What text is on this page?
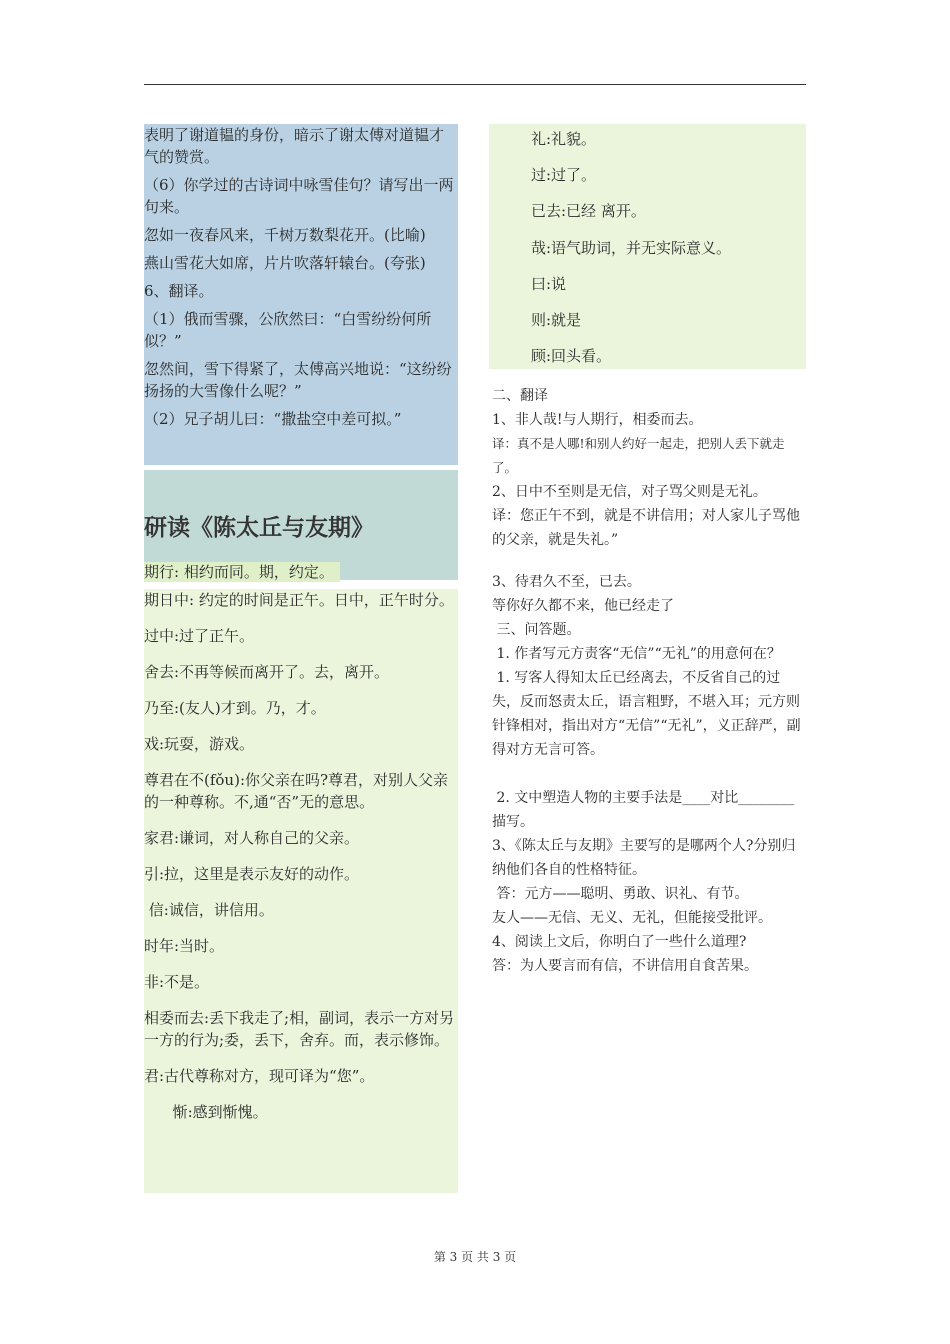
表明了谢道韫的身份，暗示了谢太傅对道韫才气的赞赏。

（6）你学过的古诗词中咏雪佳句？请写出一两句来。

忽如一夜春风来，千树万数梨花开。(比喻)

燕山雪花大如席，片片吹落轩辕台。(夸张)

6、翻译。

（1）俄而雪骤，公欣然曰：“白雪纷纷何所似？”

忽然间，雪下得紧了，太傅高兴地说：“这纷纷扬扬的大雪像什么呢？”

（2）兄子胡儿曰：“撒盐空中差可拟。”

研读《陈太丘与友期》
期行: 相约而同。期，约定。

期日中: 约定的时间是正午。日中，正午时分。

过中:过了正午。

舍去:不再等候而离开了。去，离开。

乃至:(友人)才到。乃，才。

戏:玩耍，游戏。

尊君在不(fǒu):你父亲在吗?尊君，对别人父亲的一种尊称。不,通“否”无的意思。

家君:谦词，对人称自己的父亲。

引:拉，这里是表示友好的动作。

信:诚信，讲信用。

时年:当时。

非:不是。

相委而去:丢下我走了;相，副词，表示一方对另一方的行为;委，丢下，舍弃。而，表示修饰。

君:古代尊称对方，现可译为“您”。

惭:感到惭愧。

礼:礼貌。

过:过了。

已去:已经 离开。

哉:语气助词，并无实际意义。

曰:说

则:就是

顾:回头看。

二、翻译

1、非人哉!与人期行，相委而去。

译：真不是人哪!和别人约好一起走，把别人丢下就走了。

2、日中不至则是无信，对子骂父则是无礼。

译：您正午不到，就是不讲信用；对人家儿子骂他的父亲，就是失礼。”

3、待君久不至，已去。

等你好久都不来，他已经走了

三、问答题。

1. 作者写元方责客“无信”“无礼”的用意何在？

1. 写客人得知太丘已经离去，不反省自己的过失，反而怒责太丘，语言粗野，不堪入耳；元方则针锋相对，指出对方“无信”“无礼”，义正辞严，副得对方无言可答。

2. 文中塑造人物的主要手法是____对比________描写。

3、《陈太丘与友期》主要写的是哪两个人?分别归纳他们各自的性格特征。

答：元方——聪明、勇敢、识礼、有节。

友人——无信、无义、无礼，但能接受批评。

4、阅读上文后，你明白了一些什么道理?

答：为人要言而有信，不讲信用自食苦果。

第 3 页 共 3 页
